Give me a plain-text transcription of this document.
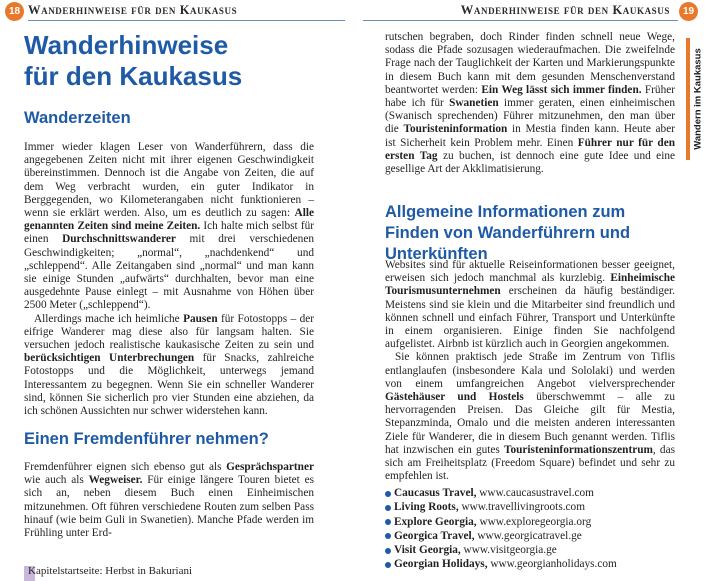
18 Wanderhinweise für den Kaukasus
Wanderhinweise
für den Kaukasus
Wanderzeiten

Immer wieder klagen Leser von Wanderführern, dass die angegebenen Zeiten nicht mit ihrer eigenen Geschwindigkeit übereinstimmen. Dennoch ist die Angabe von Zeiten, die auf dem Weg verbracht wurden, ein guter Indikator in Berggegenden, wo Kilometerangaben nicht funktionieren – wenn sie erklärt werden. Also, um es deutlich zu sagen: Alle genannten Zeiten sind meine Zeiten. Ich halte mich selbst für einen Durchschnittswanderer mit drei verschiedenen Geschwindigkeiten; „normal“, „nachdenkend“ und „schleppend“. Alle Zeitangaben sind „normal“ und man kann sie einige Stunden „aufwärts“ durchhalten, bevor man eine ausgedehnte Pause einlegt – mit Ausnahme von Höhen über 2500 Meter („schleppend“).

Allerdings mache ich heimliche Pausen für Fotostopps – der eifrige Wanderer mag diese also für langsam halten. Sie versuchen jedoch realistische kaukasische Zeiten zu sein und berücksichtigen Unterbrechungen für Snacks, zahlreiche Fotostopps und die Möglichkeit, unterwegs jemand Interessantem zu begegnen. Wenn Sie ein schneller Wanderer sind, können Sie sicherlich pro vier Stunden eine abziehen, da ich schönen Aussichten nur schwer widerstehen kann.

Einen Fremdenführer nehmen?

Fremdenführer eignen sich ebenso gut als Gesprächspartner wie auch als Wegweiser. Für einige längere Touren bietet es sich an, neben diesem Buch einen Einheimischen mitzunehmen. Oft führen verschiedene Routen zum selben Pass hinauf (wie beim Guli in Swanetien). Manche Pfade werden im Frühling unter Erd-

Kapitelstartseite: Herbst in Bakuriani
Wanderhinweise für den Kaukasus	19
Wandern im Kaukasus

rutschen begraben, doch Rinder finden schnell neue Wege, sodass die Pfade sozusagen wiederaufmachen. Die zweifelnde Frage nach der Tauglichkeit der Karten und Markierungspunkte in diesem Buch kann mit dem gesunden Menschenverstand beantwortet werden: Ein Weg lässt sich immer finden. Früher habe ich für Swanetien immer geraten, einen einheimischen (Swanisch sprechenden) Führer mitzunehmen, den man über die Touristeninformation in Mestia finden kann. Heute aber ist Sicherheit kein Problem mehr. Einen Führer nur für den ersten Tag zu buchen, ist dennoch eine gute Idee und eine gesellige Art der Akklimatisierung.

Allgemeine Informationen zum Finden von Wanderführern und Unterkünften

Websites sind für aktuelle Reiseinformationen besser geeignet, erweisen sich jedoch manchmal als kurzlebig. Einheimische Tourismusunternehmen erscheinen da häufig beständiger. Meistens sind sie klein und die Mitarbeiter sind freundlich und können schnell und einfach Führer, Transport und Unterkünfte in einem organisieren. Einige finden Sie nachfolgend aufgelistet. Airbnb ist kürzlich auch in Georgien angekommen.

Sie können praktisch jede Straße im Zentrum von Tiflis entlanglaufen (insbesondere Kala und Sololaki) und werden von einem umfangreichen Angebot vielversprechender Gästehäuser und Hostels überschwemmt – alle zu hervorragenden Preisen. Das Gleiche gilt für Mestia, Stepanzminda, Omalo und die meisten anderen interessanten Ziele für Wanderer, die in diesem Buch genannt werden. Tiflis hat inzwischen ein gutes Touristeninformationszentrum, das sich am Freiheitsplatz (Freedom Square) befindet und sehr zu empfehlen ist.

Caucasus Travel, www.caucasustravel.com
Living Roots, www.travellivingroots.com
Explore Georgia, www.exploregeorgia.org
Georgica Travel, www.georgicatravel.ge
Visit Georgia, www.visitgeorgia.ge
Georgian Holidays, www.georgianholidays.com
